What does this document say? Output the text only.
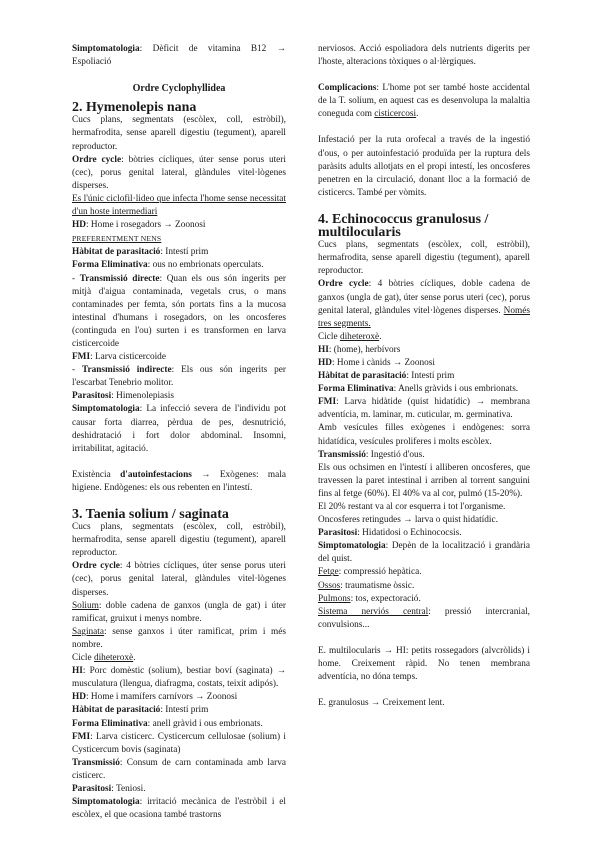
Simptomatologia: Dèficit de vitamina B12 → Espoliació
Ordre Cyclophyllidea
2. Hymenolepis nana
Cucs plans, segmentats (escòlex, coll, estròbil), hermafrodita, sense aparell digestiu (tegument), aparell reproductor.
Ordre cycle: bòtries cícliques, úter sense porus uteri (cec), porus genital lateral, glàndules vitel·lògenes disperses.
Es l'únic ciclofil·lideo que infecta l'home sense necessitat d'un hoste intermediari
HD: Home i rosegadors → Zoonosi
PREFERENTMENT NENS
Hàbitat de parasitació: Intestí prim
Forma Eliminativa: ous no embrionats operculats.
- Transmissió directe: Quan els ous són ingerits per mitjà d'aigua contaminada, vegetals crus, o mans contaminades per femta, són portats fins a la mucosa intestinal d'humans i rosegadors, on les oncosferes (contingudа en l'ou) surten i es transformen en larva cisticercoide
FMI: Larva cisticercoide
- Transmissió indirecte: Els ous són ingerits per l'escarbat Tenebrio molitor.
Parasitosi: Himenolepiasis
Simptomatologia: La infecció severa de l'individu pot causar forta diarrea, pèrdua de pes, desnutrició, deshidratació i fort dolor abdominal. Insomni, irritabilitat, agitació.
Existència d'autoinfestacions → Exògenes: mala higiene. Endògenes: els ous rebenten en l'intestí.
3. Taenia solium / saginata
Cucs plans, segmentats (escòlex, coll, estròbil), hermafrodita, sense aparell digestiu (tegument), aparell reproductor.
Ordre cycle: 4 bòtries cícliques, úter sense porus uteri (cec), porus genital lateral, glàndules vitel·lògenes disperses.
Solium: doble cadena de ganxos (ungla de gat) i úter ramificat, gruixut i menys nombre.
Saginata: sense ganxos i úter ramificat, prim i més nombre.
Cicle diheteroxè.
HI: Porc domèstic (solium), bestiar boví (saginata) → musculatura (llengua, diafragma, costats, teixit adipós).
HD: Home i mamífers carnívors → Zoonosi
Hàbitat de parasitació: Intestí prim
Forma Eliminativa: anell gràvid i ous embrionats.
FMI: Larva cisticerc. Cysticercum cellulosae (solium) i Cysticercum bovis (saginata)
Transmissió: Consum de carn contaminada amb larva cisticerc.
Parasitosi: Teniosi.
Simptomatologia: irritació mecànica de l'estròbil i el escòlex, el que ocasiona també trastorns
nerviosos. Acció espoliadora dels nutrients digerits per l'hoste, alteracions tòxiques o al·lèrgiques.
Complicacions: L'home pot ser també hoste accidental de la T. solium, en aquest cas es desenvolupa la malaltia coneguda com cisticercosi.
Infestació per la ruta orofecal a través de la ingestió d'ous, o per autoinfestació produïda per la ruptura dels paràsits adults allotjats en el propi intestí, les oncosferes penetren en la circulació, donant lloc a la formació de cisticercs. També per vòmits.
4. Echinococcus granulosus / multilocularis
Cucs plans, segmentats (escòlex, coll, estròbil), hermafrodita, sense aparell digestiu (tegument), aparell reproductor.
Ordre cycle: 4 bòtries cícliques, doble cadena de ganxos (ungla de gat), úter sense porus uteri (cec), porus genital lateral, glàndules vitel·lògenes disperses. Només tres segments.
Cicle diheteroxè.
HI: (home), herbívors
HD: Home i cànids → Zoonosi
Hàbitat de parasitació: Intestí prim
Forma Eliminativa: Anells gràvids i ous embrionats.
FMI: Larva hidàtide (quist hidatídic) → membrana adventícia, m. laminar, m. cuticular, m. germinativa.
Amb vesícules filles exògenes i endògenes: sorra hidatídica, vesícules proliferes i molts escòlex.
Transmissió: Ingestió d'ous.
Els ous ochsimen en l'intestí i alliberen oncosferes, que travessen la paret intestinal i arriben al torrent sanguini fins al fetge (60%). El 40% va al cor, pulmó (15-20%).
El 20% restant va al cor esquerra i tot l'organisme.
Oncosferes retingudes → larva o quist hidatídic.
Parasitosi: Hidatidosi o Echinococsis.
Simptomatologia: Depèn de la localització i grandària del quist.
Fetge: compressió hepàtica.
Ossos: traumatisme òssic.
Pulmons: tos, expectoració.
Sistema nerviós central: pressió intercranial, convulsions...
E. multilocularis → HI: petits rossegadors (alvcròlids) i home. Creixement ràpid. No tenen membrana adventícia, no dóna temps.
E. granulosus → Creixement lent.
